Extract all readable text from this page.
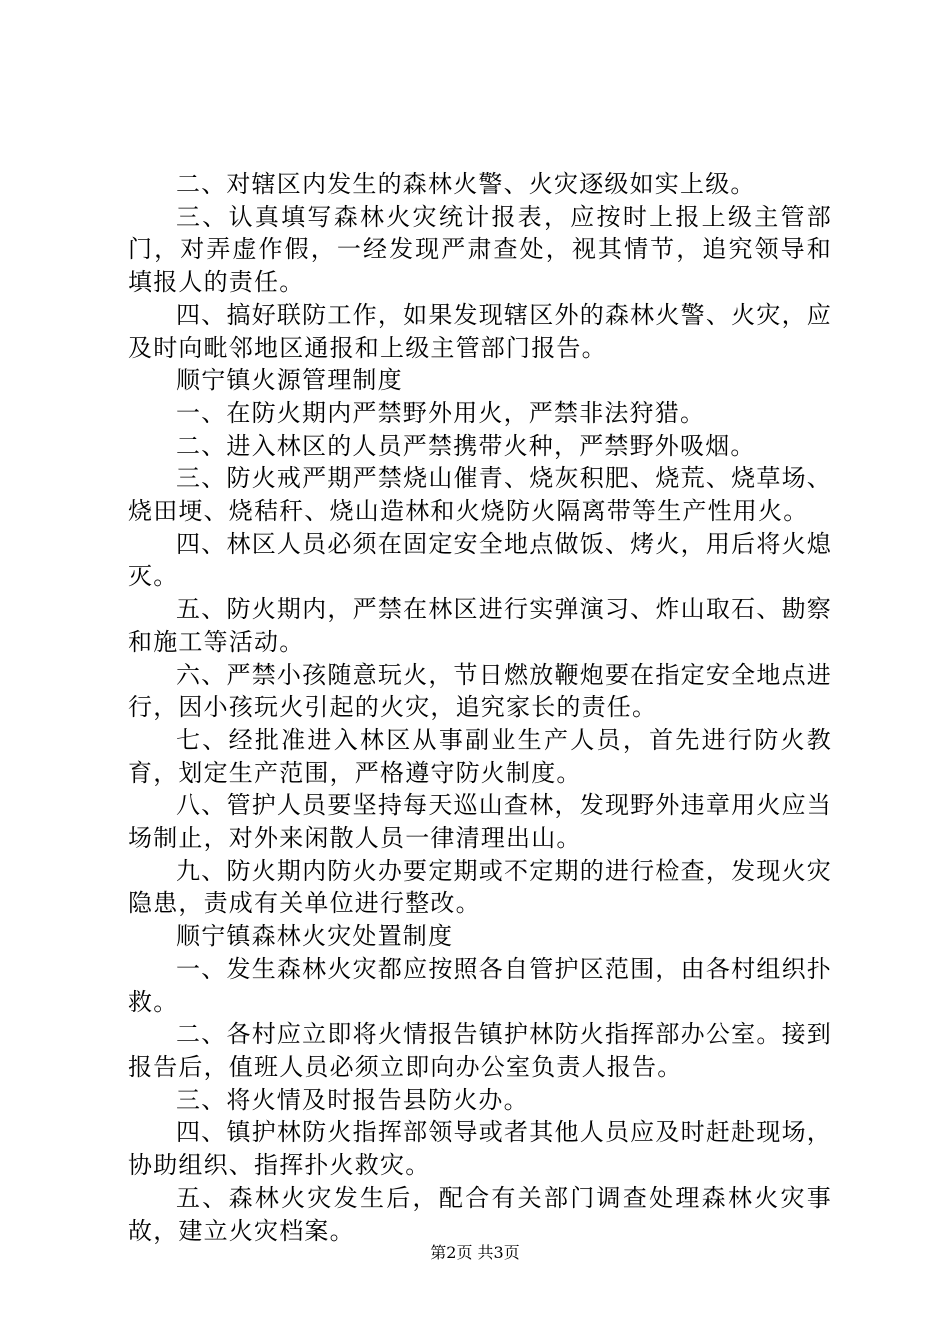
二、对辖区内发生的森林火警、火灾逐级如实上级。

三、认真填写森林火灾统计报表，应按时上报上级主管部门，对弄虚作假，一经发现严肃查处，视其情节，追究领导和填报人的责任。

四、搞好联防工作，如果发现辖区外的森林火警、火灾，应及时向毗邻地区通报和上级主管部门报告。

顺宁镇火源管理制度

一、在防火期内严禁野外用火，严禁非法狩猎。

二、进入林区的人员严禁携带火种，严禁野外吸烟。

三、防火戒严期严禁烧山催青、烧灰积肥、烧荒、烧草场、烧田埂、烧秸秆、烧山造林和火烧防火隔离带等生产性用火。

四、林区人员必须在固定安全地点做饭、烤火，用后将火熄灭。

五、防火期内，严禁在林区进行实弹演习、炸山取石、勘察和施工等活动。

六、严禁小孩随意玩火，节日燃放鞭炮要在指定安全地点进行，因小孩玩火引起的火灾，追究家长的责任。

七、经批准进入林区从事副业生产人员，首先进行防火教育，划定生产范围，严格遵守防火制度。

八、管护人员要坚持每天巡山查林，发现野外违章用火应当场制止，对外来闲散人员一律清理出山。

九、防火期内防火办要定期或不定期的进行检查，发现火灾隐患，责成有关单位进行整改。

顺宁镇森林火灾处置制度

一、发生森林火灾都应按照各自管护区范围，由各村组织扑救。

二、各村应立即将火情报告镇护林防火指挥部办公室。接到报告后，值班人员必须立即向办公室负责人报告。

三、将火情及时报告县防火办。

四、镇护林防火指挥部领导或者其他人员应及时赶赴现场，协助组织、指挥扑火救灾。

五、森林火灾发生后，配合有关部门调查处理森林火灾事故，建立火灾档案。

第2页 共3页
